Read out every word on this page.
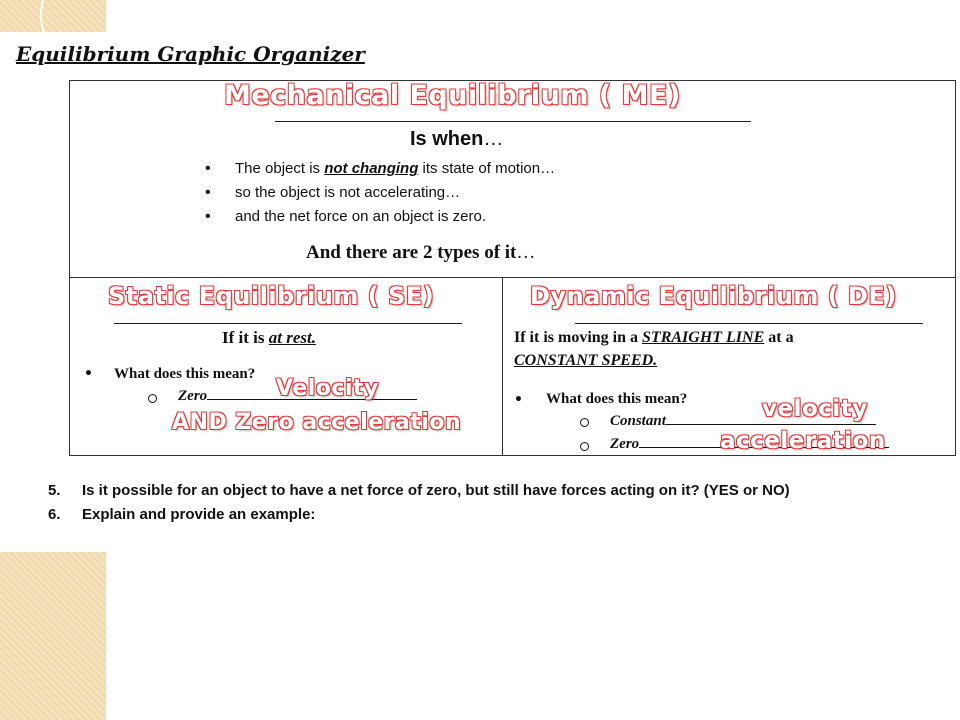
Equilibrium Graphic Organizer
Mechanical Equilibrium ( ME)
Is when…
• The object is not changing its state of motion…
• so the object is not accelerating…
• and the net force on an object is zero.
And there are 2 types of it…
Static Equilibrium ( SE)
If it is at rest.
• What does this mean?
Zero	Velocity
AND Zero acceleration
Dynamic Equilibrium ( DE)
If it is moving in a STRAIGHT LINE at a
CONSTANT SPEED.
• What does this mean?
Constant
Zero
velocity
acceleration
5. Is it possible for an object to have a net force of zero, but still have forces acting on it? (YES or NO)
6. Explain and provide an example:
